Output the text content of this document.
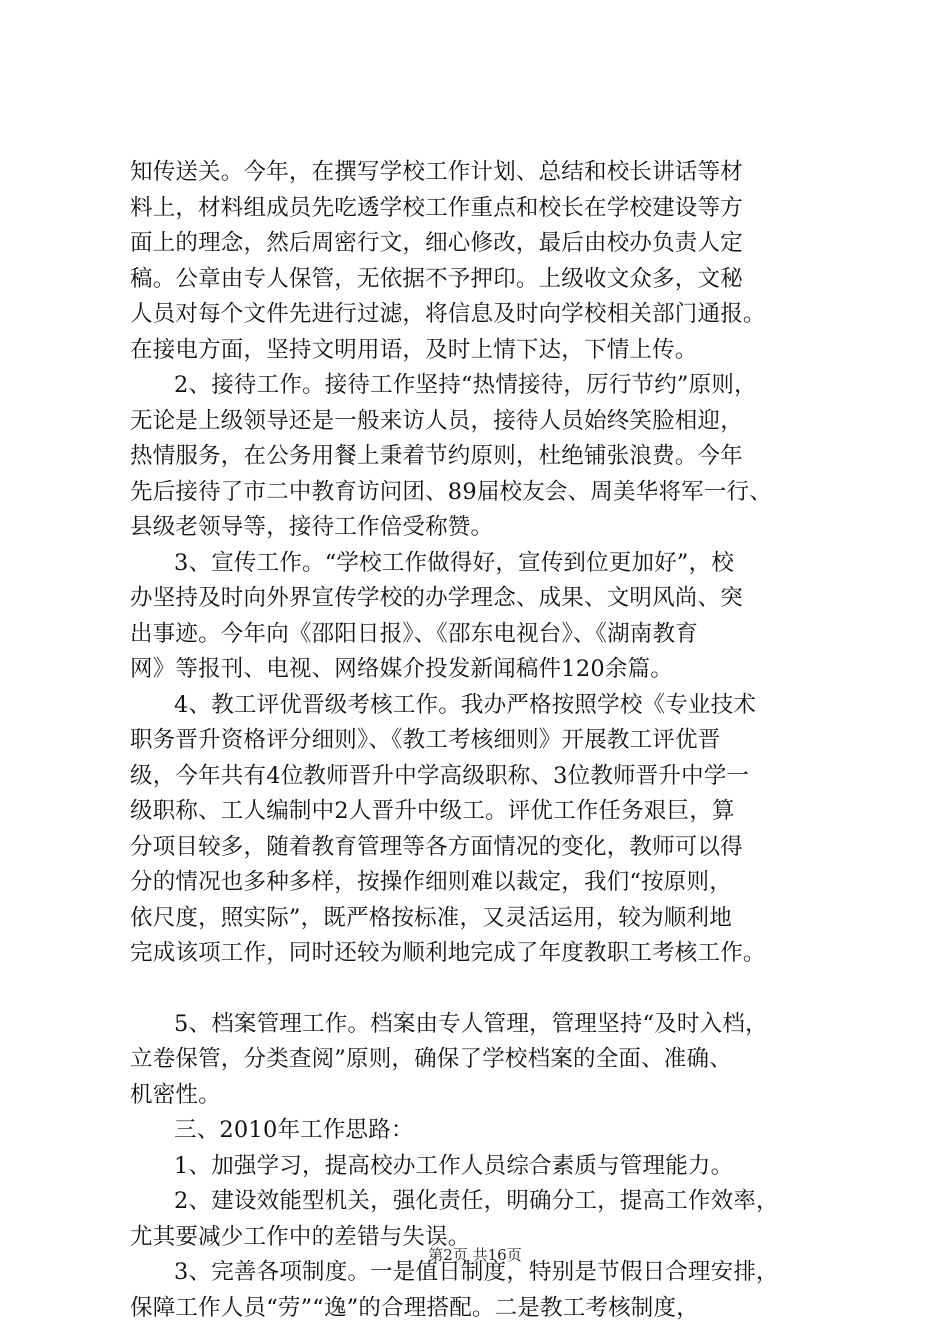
知传送关。今年，在撰写学校工作计划、总结和校长讲话等材
料上，材料组成员先吃透学校工作重点和校长在学校建设等方
面上的理念，然后周密行文，细心修改，最后由校办负责人定
稿。公章由专人保管，无依据不予押印。上级收文众多，文秘
人员对每个文件先进行过滤，将信息及时向学校相关部门通报。
在接电方面，坚持文明用语，及时上情下达，下情上传。
2、接待工作。接待工作坚持“热情接待，厉行节约”原则，
无论是上级领导还是一般来访人员，接待人员始终笑脸相迎，
热情服务，在公务用餐上秉着节约原则，杜绝铺张浪费。今年
先后接待了市二中教育访问团、89届校友会、周美华将军一行、
县级老领导等，接待工作倍受称赞。
3、宣传工作。“学校工作做得好，宣传到位更加好”，校
办坚持及时向外界宣传学校的办学理念、成果、文明风尚、突
出事迹。今年向《邵阳日报》、《邵东电视台》、《湖南教育
网》等报刊、电视、网络媒介投发新闻稿件120余篇。
4、教工评优晋级考核工作。我办严格按照学校《专业技术
职务晋升资格评分细则》、《教工考核细则》开展教工评优晋
级，今年共有4位教师晋升中学高级职称、3位教师晋升中学一
级职称、工人编制中2人晋升中级工。评优工作任务艰巨，算
分项目较多，随着教育管理等各方面情况的变化，教师可以得
分的情况也多种多样，按操作细则难以裁定，我们“按原则，
依尺度，照实际”，既严格按标准，又灵活运用，较为顺利地
完成该项工作，同时还较为顺利地完成了年度教职工考核工作。
5、档案管理工作。档案由专人管理，管理坚持“及时入档，
立卷保管，分类查阅”原则，确保了学校档案的全面、准确、
机密性。
三、2010年工作思路：
1、加强学习，提高校办工作人员综合素质与管理能力。
2、建设效能型机关，强化责任，明确分工，提高工作效率，
尤其要减少工作中的差错与失误。
3、完善各项制度。一是值日制度，特别是节假日合理安排，
保障工作人员“劳”“逸”的合理搭配。二是教工考核制度，
第2页 共16页
